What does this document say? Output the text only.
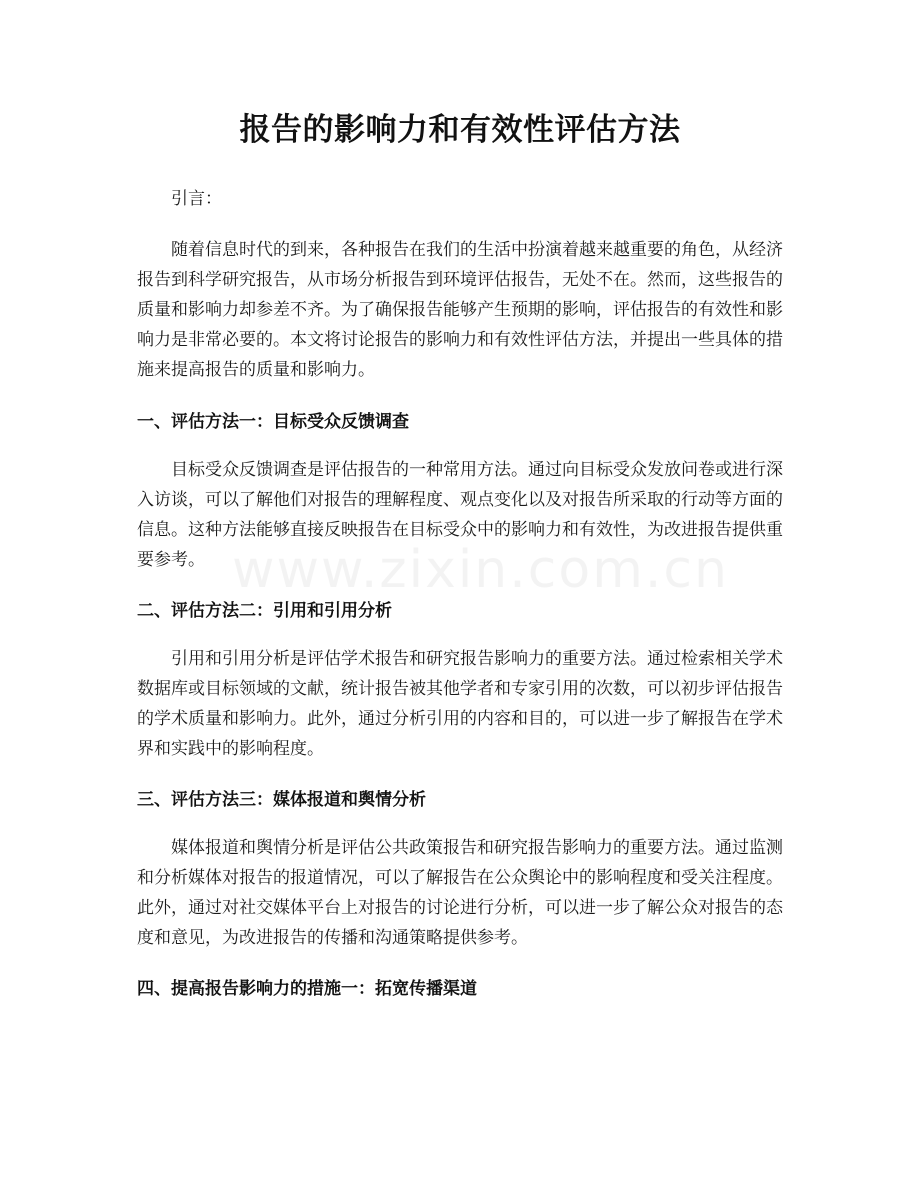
报告的影响力和有效性评估方法

引言：

随着信息时代的到来，各种报告在我们的生活中扮演着越来越重要的角色，从经济报告到科学研究报告，从市场分析报告到环境评估报告，无处不在。然而，这些报告的质量和影响力却参差不齐。为了确保报告能够产生预期的影响，评估报告的有效性和影响力是非常必要的。本文将讨论报告的影响力和有效性评估方法，并提出一些具体的措施来提高报告的质量和影响力。

一、评估方法一：目标受众反馈调查

目标受众反馈调查是评估报告的一种常用方法。通过向目标受众发放问卷或进行深入访谈，可以了解他们对报告的理解程度、观点变化以及对报告所采取的行动等方面的信息。这种方法能够直接反映报告在目标受众中的影响力和有效性，为改进报告提供重要参考。

二、评估方法二：引用和引用分析

引用和引用分析是评估学术报告和研究报告影响力的重要方法。通过检索相关学术数据库或目标领域的文献，统计报告被其他学者和专家引用的次数，可以初步评估报告的学术质量和影响力。此外，通过分析引用的内容和目的，可以进一步了解报告在学术界和实践中的影响程度。

三、评估方法三：媒体报道和舆情分析

媒体报道和舆情分析是评估公共政策报告和研究报告影响力的重要方法。通过监测和分析媒体对报告的报道情况，可以了解报告在公众舆论中的影响程度和受关注程度。此外，通过对社交媒体平台上对报告的讨论进行分析，可以进一步了解公众对报告的态度和意见，为改进报告的传播和沟通策略提供参考。

四、提高报告影响力的措施一：拓宽传播渠道
www.zixin.com.cn
